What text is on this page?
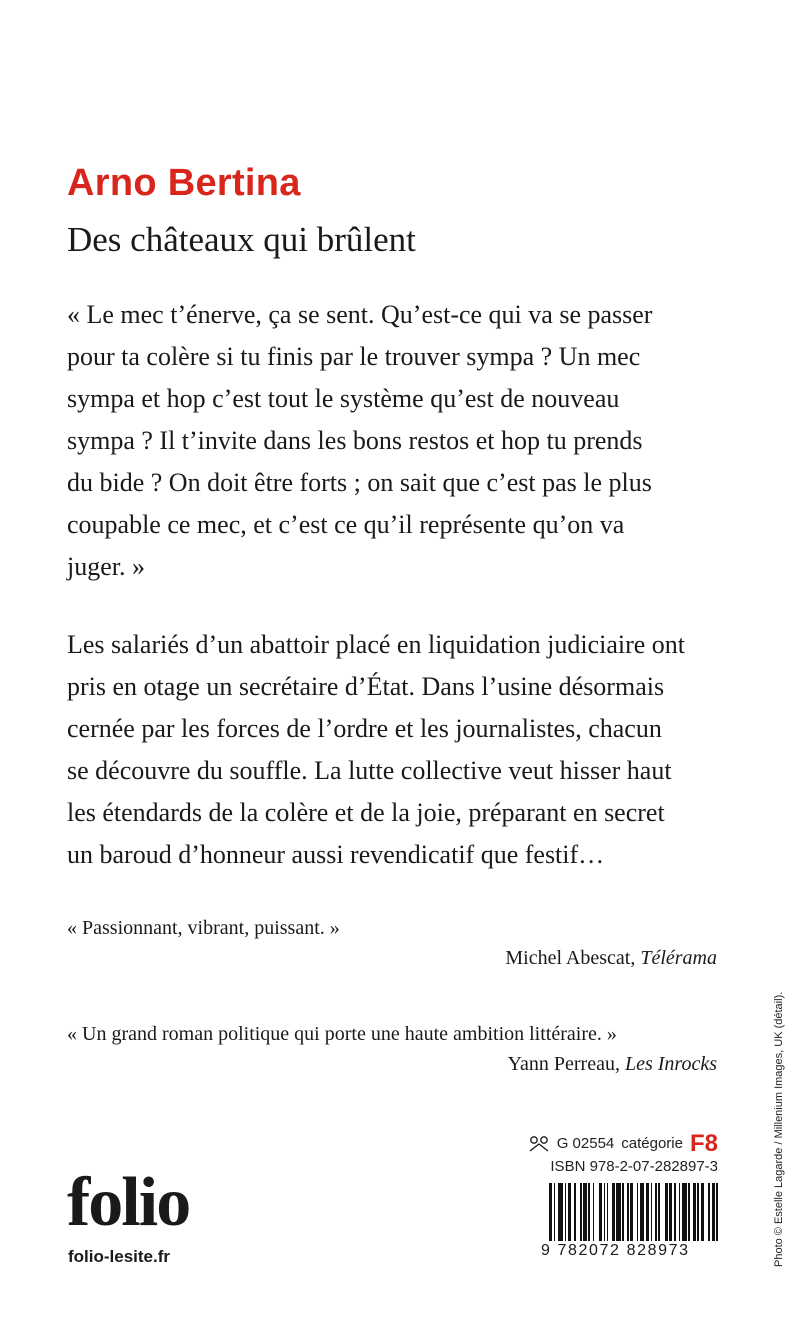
Arno Bertina
Des châteaux qui brûlent
« Le mec t’énerve, ça se sent. Qu’est-ce qui va se passer
pour ta colère si tu finis par le trouver sympa ? Un mec
sympa et hop c’est tout le système qu’est de nouveau
sympa ? Il t’invite dans les bons restos et hop tu prends
du bide ? On doit être forts ; on sait que c’est pas le plus
coupable ce mec, et c’est ce qu’il représente qu’on va
juger. »
Les salariés d’un abattoir placé en liquidation judiciaire ont
pris en otage un secrétaire d’État. Dans l’usine désormais
cernée par les forces de l’ordre et les journalistes, chacun
se découvre du souffle. La lutte collective veut hisser haut
les étendards de la colère et de la joie, préparant en secret
un baroud d’honneur aussi revendicatif que festif…
« Passionnant, vibrant, puissant. »
Michel Abescat, Télérama
« Un grand roman politique qui porte une haute ambition littéraire. »
Yann Perreau, Les Inrocks
G 02554 catégorie F8
ISBN 978-2-07-282897-3
9 782072 828973
folio
folio-lesite.fr	Photo © Estelle Lagarde / Millenium Images, UK (détail).
